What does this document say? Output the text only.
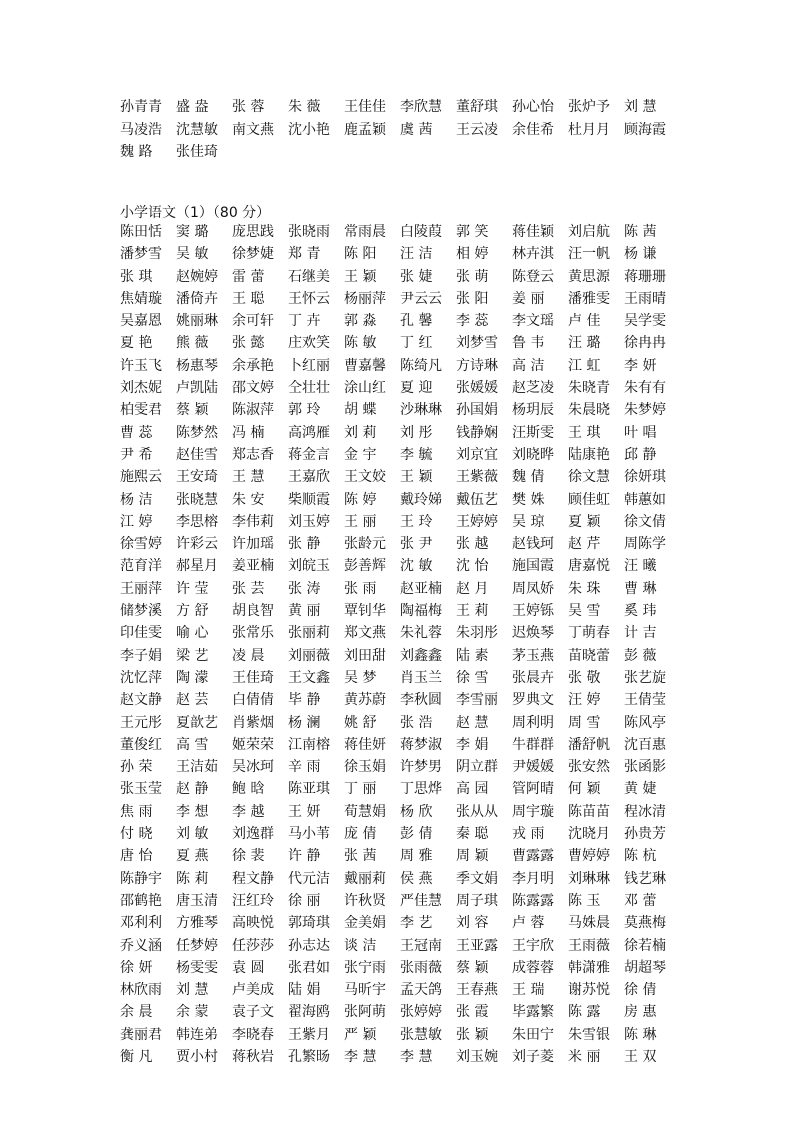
孙青青	盛 盎	张 蓉	朱 薇	王佳佳	李欣慧	董舒琪	孙心怡	张炉予	刘 慧
马凌浩	沈慧敏	南文燕	沈小艳	鹿孟颖	虞 茜	王云凌	余佳希	杜月月	顾海霞
魏 路	张佳琦
小学语文（1）（80 分）
陈田恬	窦 璐	庞思践	张晓雨	常雨晨	白陵葭	郭 笑	蒋佳颖	刘启航	陈 茜
潘梦雪	吴 敏	徐梦婕	郑 青	陈 阳	汪 洁	相 婷	林卉淇	汪一帆	杨 谦
张 琪	赵婉婷	雷 蕾	石继美	王 颖	张 婕	张 萌	陈登云	黄思源	蒋珊珊
焦婧璇	潘倚卉	王 聪	王怀云	杨丽萍	尹云云	张 阳	姜 丽	潘雅雯	王雨晴
吴嘉恩	姚丽琳	余可轩	丁 卉	郭 淼	孔 馨	李 蕊	李文瑶	卢 佳	吴学雯
夏 艳	熊 薇	张 懿	庄欢笑	陈 敏	丁 红	刘梦雪	鲁 韦	汪 璐	徐冉冉
许玉飞	杨惠琴	余承艳	卜红丽	曹嘉馨	陈绮凡	方诗琳	高 洁	江 虹	李 妍
刘杰妮	卢凯陆	邵文婷	仝壮壮	涂山红	夏 迎	张媛媛	赵芝凌	朱晓青	朱有有
柏雯君	蔡 颖	陈淑萍	郭 玲	胡 蝶	沙琳琳	孙国娟	杨玥辰	朱晨晓	朱梦婷
曹 蕊	陈梦然	冯 楠	高鸿雁	刘 莉	刘 彤	钱静娴	汪斯雯	王 琪	叶 唱
尹 希	赵佳雪	郑志香	蒋金言	金 宇	李 毓	刘京宜	刘晓晔	陆康艳	邱 静
施熙云	王安琦	王 慧	王嘉欣	王文姣	王 颖	王紫薇	魏 倩	徐文慧	徐妍琪
杨 洁	张晓慧	朱 安	柴顺霞	陈 婷	戴玲娣	戴伍艺	樊 姝	顾佳虹	韩蕙如
江 婷	李思榕	李伟莉	刘玉婷	王 丽	王 玲	王婷婷	吴 琼	夏 颖	徐文倩
徐雪婷	许彩云	许加瑶	张 静	张龄元	张 尹	张 越	赵钱珂	赵 芹	周陈学
范育洋	郝星月	姜亚楠	刘皖玉	彭善辉	沈 敏	沈 怡	施国霞	唐嘉悦	汪 曦
王丽萍	许 莹	张 芸	张 涛	张 雨	赵亚楠	赵 月	周凤娇	朱 珠	曹 琳
储梦溪	方 舒	胡良智	黄 丽	覃钊华	陶福梅	王 莉	王婷铄	吴 雪	奚 玮
印佳雯	喻 心	张常乐	张丽莉	郑文燕	朱礼蓉	朱羽彤	迟焕琴	丁萌春	计 吉
李子娟	梁 艺	凌 晨	刘丽薇	刘田甜	刘鑫鑫	陆 素	茅玉燕	苗晓蕾	彭 薇
沈忆萍	陶 濛	王佳琦	王文鑫	吴 梦	肖玉兰	徐 雪	张晨卉	张 敬	张艺旋
赵文静	赵 芸	白倩倩	毕 静	黄苏蔚	李秋圆	李雪丽	罗典文	汪 婷	王倩莹
王元彤	夏歆艺	肖紫烟	杨 澜	姚 舒	张 浩	赵 慧	周利明	周 雪	陈风亭
董俊红	高 雪	姬荣荣	江南榕	蒋佳妍	蒋梦淑	李 娟	牛群群	潘舒帆	沈百惠
孙 荣	王洁茹	吴冰珂	辛 雨	徐玉娟	许梦男	阴立群	尹媛媛	张安然	张函影
张玉莹	赵 静	鲍 晗	陈亚琪	丁 丽	丁思烨	高 园	管阿晴	何 颖	黄 婕
焦 雨	李 想	李 越	王 妍	荀慧娟	杨 欣	张从从	周宇璇	陈苗苗	程冰清
付 晓	刘 敏	刘逸群	马小苇	庞 倩	彭 倩	秦 聪	戎 雨	沈晓月	孙贵芳
唐 怡	夏 燕	徐 裴	许 静	张 茜	周 雅	周 颖	曹露露	曹婷婷	陈 杭
陈静宇	陈 莉	程文静	代元洁	戴丽莉	侯 燕	季文娟	李月明	刘琳琳	钱艺琳
邵鹤艳	唐玉清	汪红玲	徐 丽	许秋贤	严佳慧	周子琪	陈露露	陈 玉	邓 蕾
邓利利	方雅琴	高映悦	郭琦琪	金美娟	李 艺	刘 容	卢 蓉	马姝晨	莫燕梅
乔义涵	任梦婷	任莎莎	孙志达	谈 洁	王冠南	王亚露	王宇欣	王雨薇	徐若楠
徐 妍	杨雯雯	袁 圆	张君如	张宁雨	张雨薇	蔡 颖	成蓉蓉	韩潇雅	胡超琴
林欣雨	刘 慧	卢美成	陆 娟	马昕宇	孟天鸽	王春燕	王 瑞	谢苏悦	徐 倩
余 晨	余 蒙	袁子文	翟海鸥	张阿萌	张婷婷	张 霞	毕露繁	陈 露	房 惠
龚丽君	韩连弟	李晓春	王紫月	严 颖	张慧敏	张 颖	朱田宁	朱雪银	陈 琳
衡 凡	贾小村	蒋秋岩	孔繁旸	李 慧	李 慧	刘玉婉	刘子菱	米 丽	王 双
